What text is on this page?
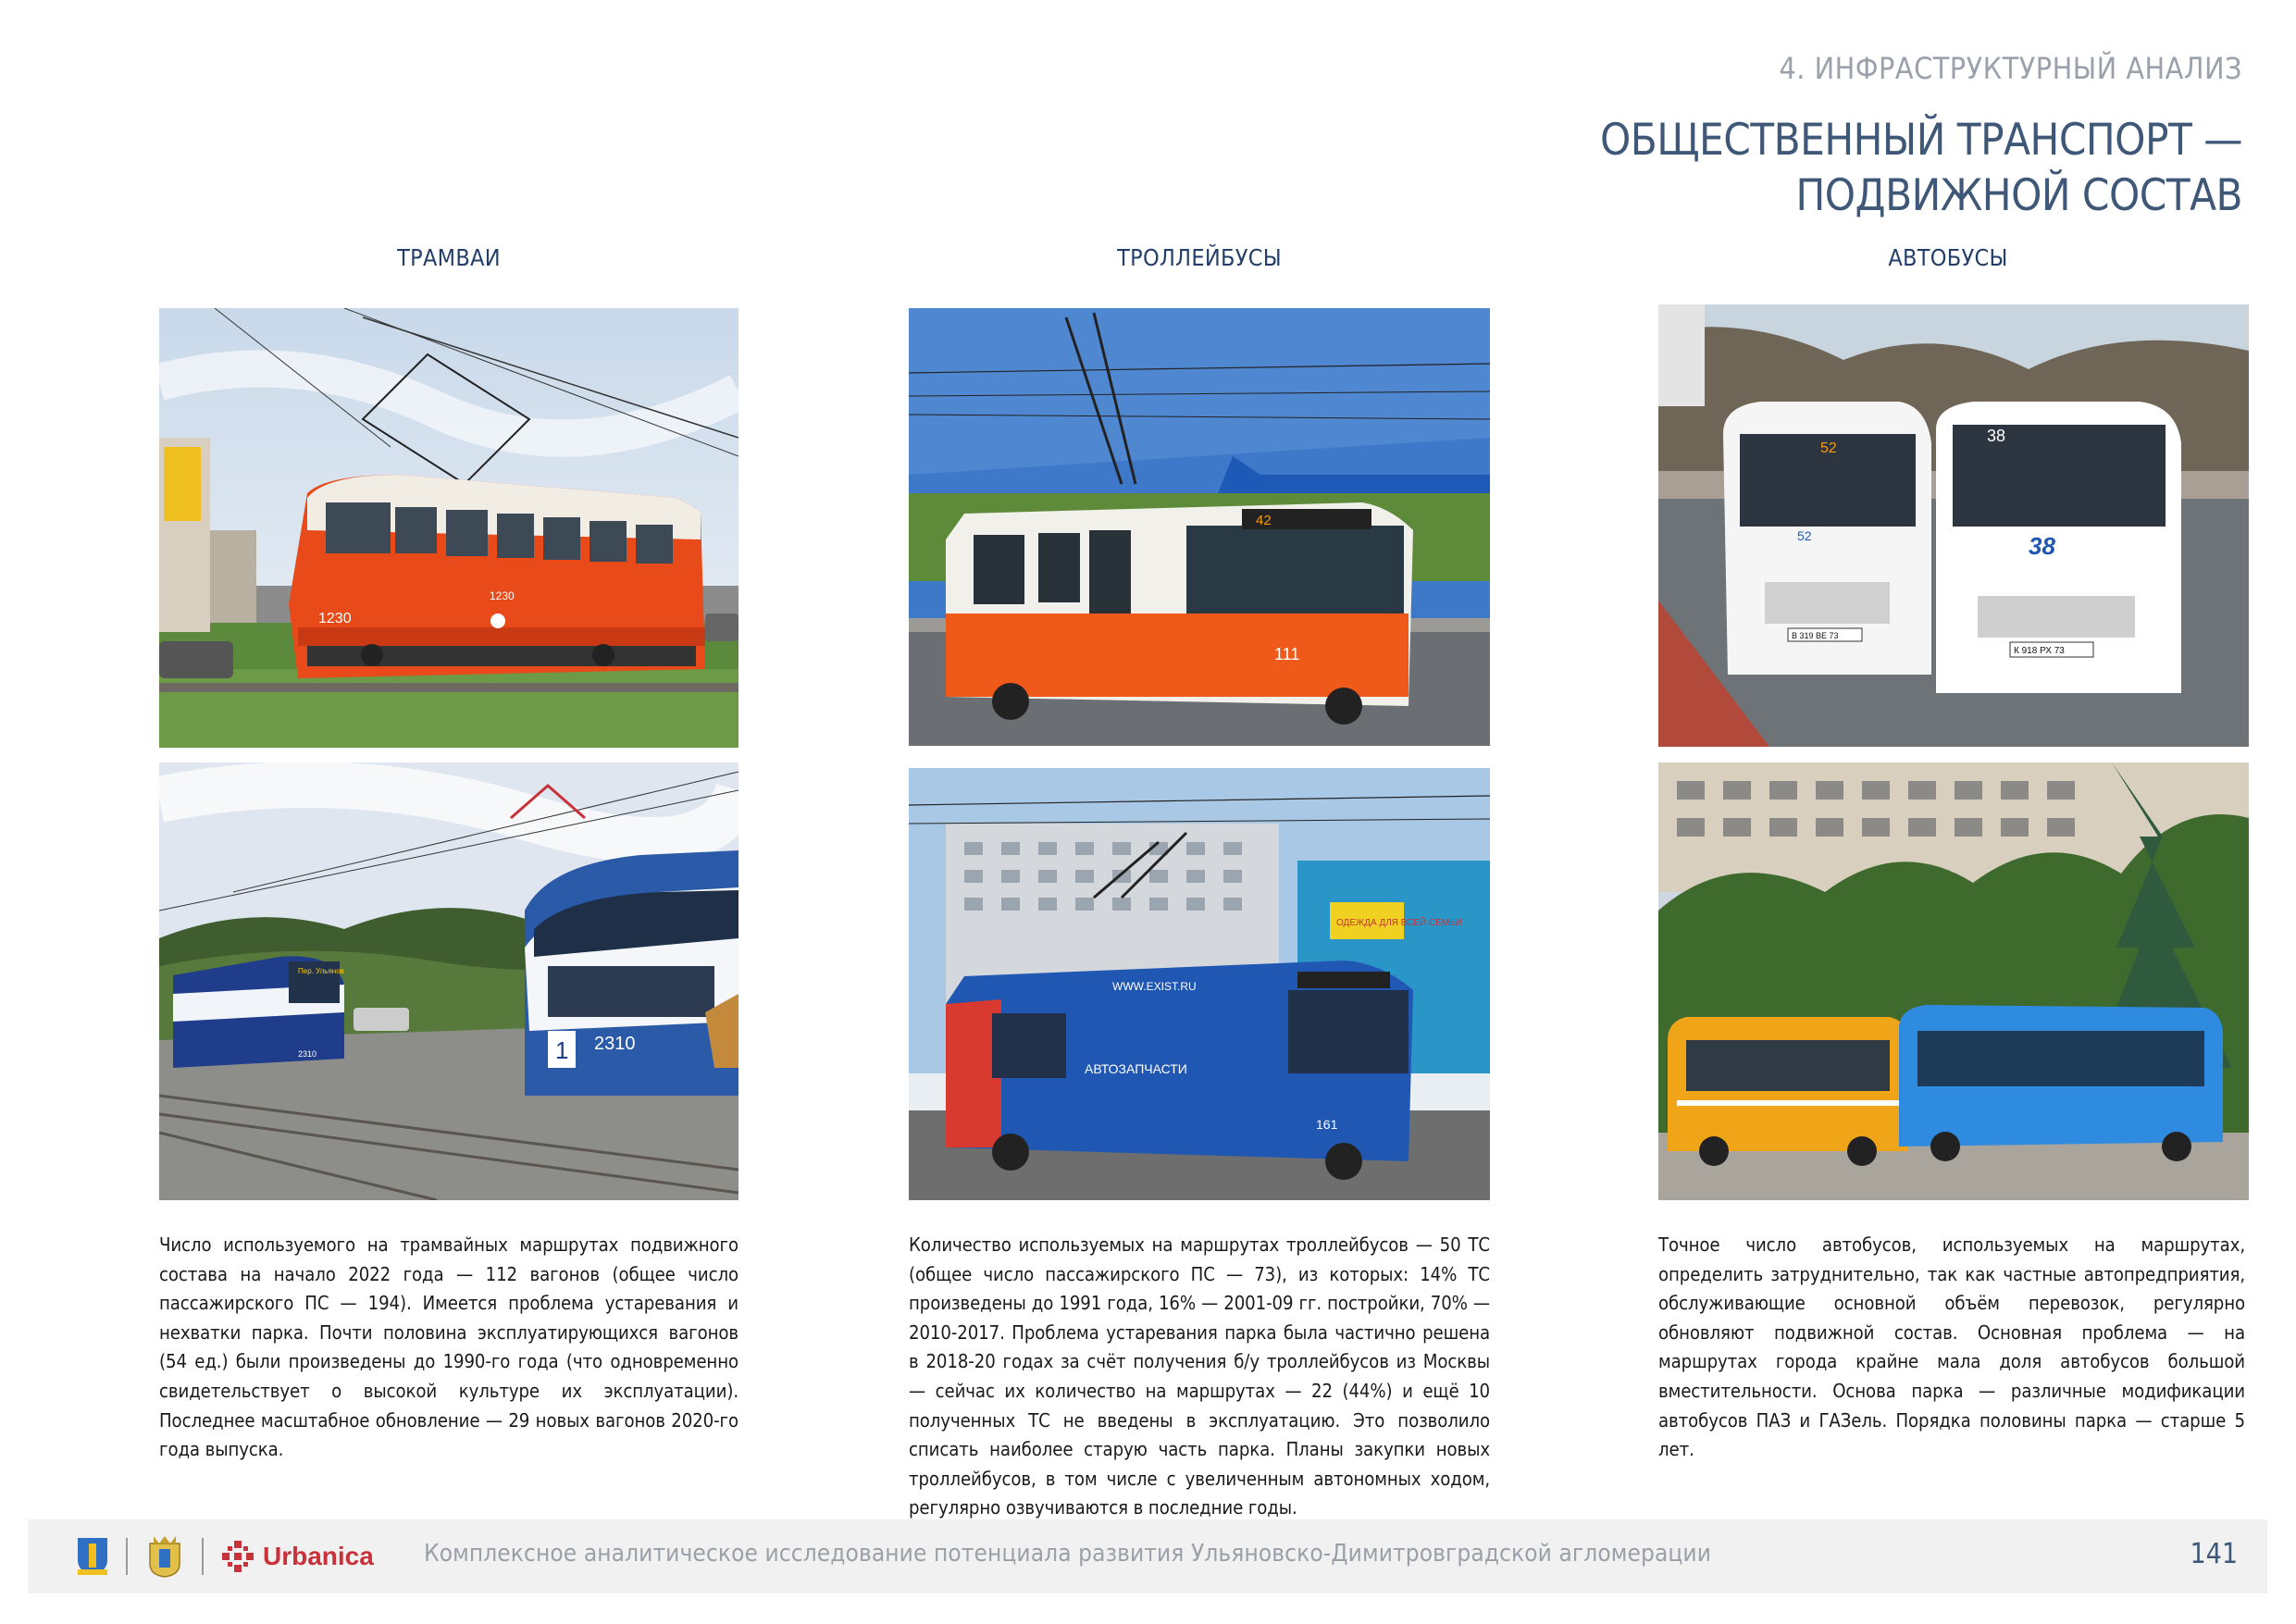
4. ИНФРАСТРУКТУРНЫЙ АНАЛИЗ
ОБЩЕСТВЕННЫЙ ТРАНСПОРТ —
ПОДВИЖНОЙ СОСТАВ
ТРАМВАИ	ТРОЛЛЕЙБУСЫ	АВТОБУСЫ
1230
1230
Пер. Ульянов
2310	1 2310
42
111
ОДЕЖДА ДЛЯ ВСЕЙ СЕМЬИ
WWW.EXIST.RU
АВТОЗАПЧАСТИ
161
52
52
В 319 ВЕ 73
38
38
К 918 РХ 73

Число используемого на трамвайных маршрутах подвижного состава на начало 2022 года — 112 вагонов (общее число пассажирского ПС — 194). Имеется проблема устаревания и нехватки парка. Почти половина эксплуатирующихся вагонов (54 ед.) были произведены до 1990-го года (что одновременно свидетельствует о высокой культуре их эксплуатации). Последнее масштабное обновление — 29 новых вагонов 2020-го года выпуска.

Количество используемых на маршрутах троллейбусов — 50 ТС (общее число пассажирского ПС — 73), из которых: 14% ТС произведены до 1991 года, 16% — 2001-09 гг. постройки, 70% — 2010-2017. Проблема устаревания парка была частично решена в 2018-20 годах за счёт получения б/у троллейбусов из Москвы — сейчас их количество на маршрутах — 22 (44%) и ещё 10 полученных ТС не введены в эксплуатацию. Это позволило списать наиболее старую часть парка. Планы закупки новых троллейбусов, в том числе с увеличенным автономных ходом, регулярно озвучиваются в последние годы.

Точное число автобусов, используемых на маршрутах, определить затруднительно, так как частные автопредприятия, обслуживающие основной объём перевозок, регулярно обновляют подвижной состав. Основная проблема — на маршрутах города крайне мала доля автобусов большой вместительности. Основа парка — различные модификации автобусов ПАЗ и ГАЗель. Порядка половины парка — старше 5 лет.

Urbanica Комплексное аналитическое исследование потенциала развития Ульяновско-Димитровградской агломерации	141
